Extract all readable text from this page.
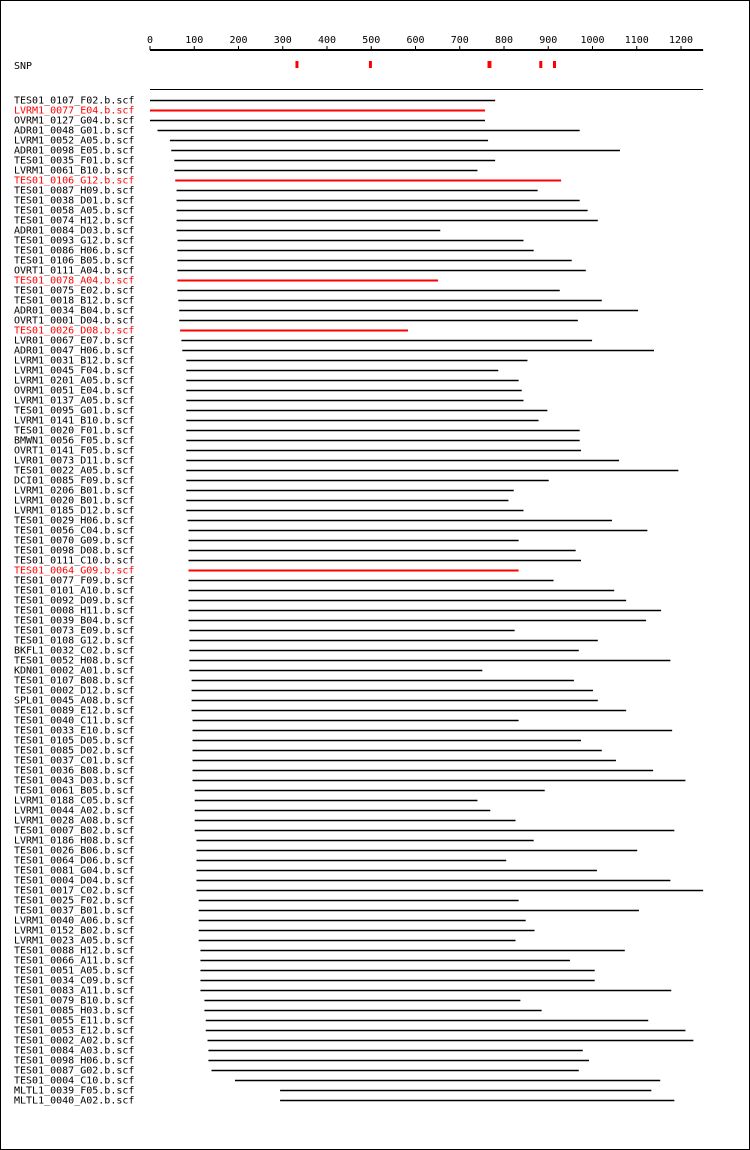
0	100	200	300	400	500	600	700	800	900 1000 1100 1200
SNP
TES01_0107_F02.b.scf
LVRM1_0077_E04.b.scf
OVRM1_0127_G04.b.scf
ADR01_0048_G01.b.scf
LVRM1_0052_A05.b.scf
ADR01_0098_E05.b.scf
TES01_0035_F01.b.scf
LVRM1_0061_B10.b.scf
TES01_0106_G12.b.scf
TES01_0087_H09.b.scf
TES01_0038_D01.b.scf
TES01_0058_A05.b.scf
TES01_0074_H12.b.scf
ADR01_0084_D03.b.scf
TES01_0093_G12.b.scf
TES01_0086_H06.b.scf
TES01_0106_B05.b.scf
OVRT1_0111_A04.b.scf
TES01_0078_A04.b.scf
TES01_0075_E02.b.scf
TES01_0018_B12.b.scf
ADR01_0034_B04.b.scf
OVRT1_0001_D04.b.scf
TES01_0026_D08.b.scf
LVR01_0067_E07.b.scf
ADR01_0047_H06.b.scf
LVRM1_0031_B12.b.scf
LVRM1_0045_F04.b.scf
LVRM1_0201_A05.b.scf
OVRM1_0051_E04.b.scf
LVRM1_0137_A05.b.scf
TES01_0095_G01.b.scf
LVRM1_0141_B10.b.scf
TES01_0020_F01.b.scf
BMWN1_0056_F05.b.scf
OVRT1_0141_F05.b.scf
LVR01_0073_D11.b.scf
TES01_0022_A05.b.scf
DCI01_0085_F09.b.scf
LVRM1_0206_B01.b.scf
LVRM1_0020_B01.b.scf
LVRM1_0185_D12.b.scf
TES01_0029_H06.b.scf
TES01_0056_C04.b.scf
TES01_0070_G09.b.scf
TES01_0098_D08.b.scf
TES01_0111_C10.b.scf
TES01_0064_G09.b.scf
TES01_0077_F09.b.scf
TES01_0101_A10.b.scf
TES01_0092_D09.b.scf
TES01_0008_H11.b.scf
TES01_0039_B04.b.scf
TES01_0073_E09.b.scf
TES01_0108_G12.b.scf
BKFL1_0032_C02.b.scf
TES01_0052_H08.b.scf
KDN01_0002_A01.b.scf
TES01_0107_B08.b.scf
TES01_0002_D12.b.scf
SPL01_0045_A08.b.scf
TES01_0089_E12.b.scf
TES01_0040_C11.b.scf
TES01_0033_E10.b.scf
TES01_0105_D05.b.scf
TES01_0085_D02.b.scf
TES01_0037_C01.b.scf
TES01_0036_B08.b.scf
TES01_0043_D03.b.scf
TES01_0061_B05.b.scf
LVRM1_0188_C05.b.scf
LVRM1_0044_A02.b.scf
LVRM1_0028_A08.b.scf
TES01_0007_B02.b.scf
LVRM1_0186_H08.b.scf
TES01_0026_B06.b.scf
TES01_0064_D06.b.scf
TES01_0081_G04.b.scf
TES01_0004_D04.b.scf
TES01_0017_C02.b.scf
TES01_0025_F02.b.scf
TES01_0037_B01.b.scf
LVRM1_0040_A06.b.scf
LVRM1_0152_B02.b.scf
LVRM1_0023_A05.b.scf
TES01_0088_H12.b.scf
TES01_0066_A11.b.scf
TES01_0051_A05.b.scf
TES01_0034_C09.b.scf
TES01_0083_A11.b.scf
TES01_0079_B10.b.scf
TES01_0085_H03.b.scf
TES01_0055_E11.b.scf
TES01_0053_E12.b.scf
TES01_0002_A02.b.scf
TES01_0084_A03.b.scf
TES01_0098_H06.b.scf
TES01_0087_G02.b.scf
TES01_0004_C10.b.scf
MLTL1_0039_F05.b.scf
MLTL1_0040_A02.b.scf
